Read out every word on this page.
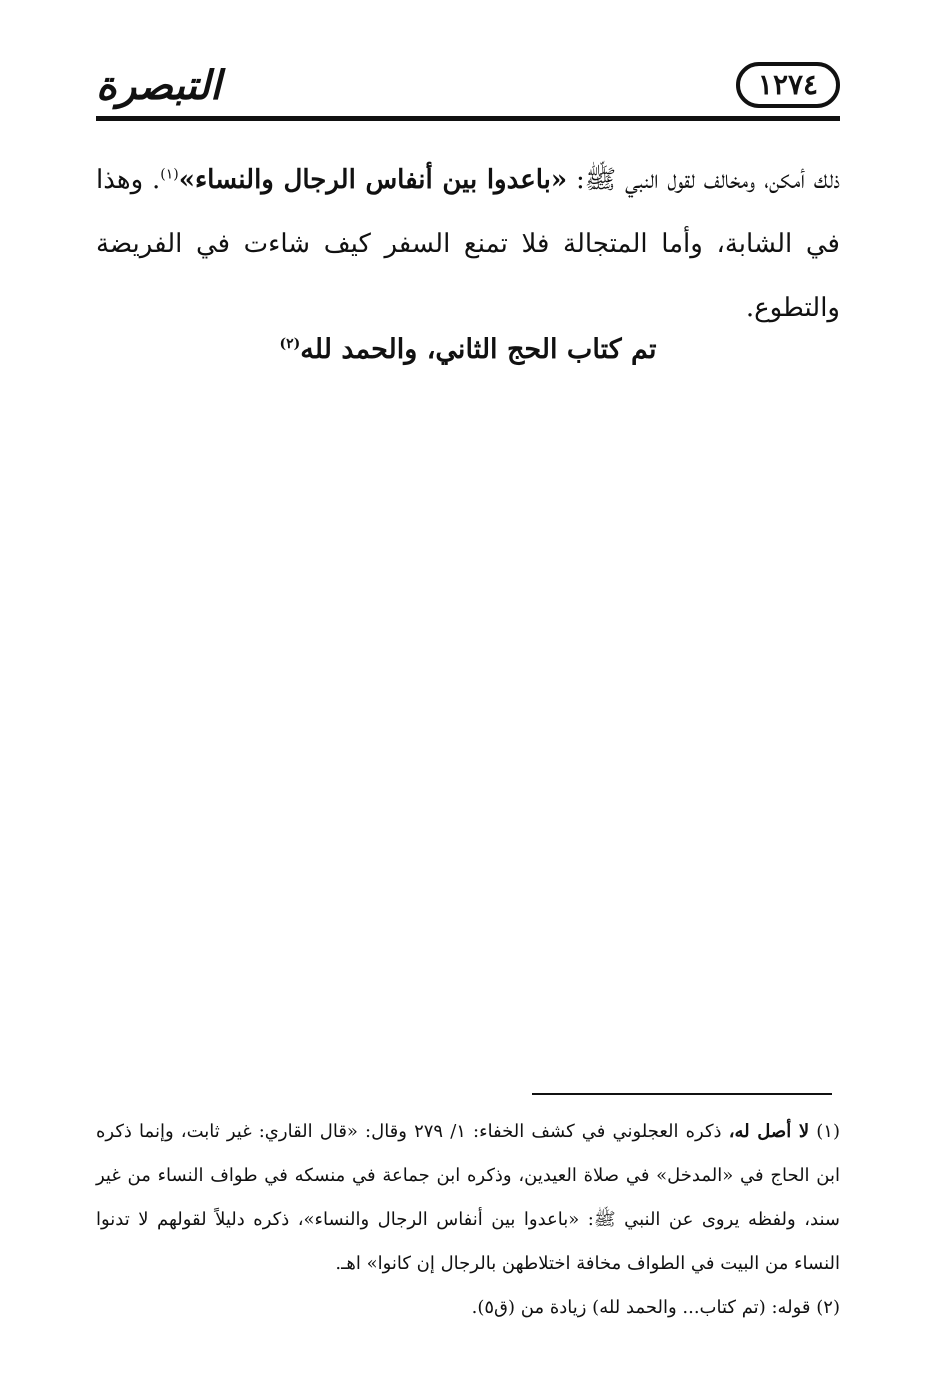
التبصرة	١٢٧٤

ذلك أمكن، ومخالف لقول النبي ﷺ: «باعدوا بين أنفاس الرجال والنساء»$^{(١)}$. وهذا في الشابة، وأما المتجالة فلا تمنع السفر كيف شاءت في الفريضة والتطوع.

تم كتاب الحج الثاني، والحمد لله$^{(٢)}$

(١) لا أصل له، ذكره العجلوني في كشف الخفاء: ١/ ٢٧٩ وقال: «قال القاري: غير ثابت، وإنما ذكره ابن الحاج في «المدخل» في صلاة العيدين، وذكره ابن جماعة في منسكه في طواف النساء من غير سند، ولفظه يروى عن النبي ﷺ: «باعدوا بين أنفاس الرجال والنساء»، ذكره دليلاً لقولهم لا تدنوا النساء من البيت في الطواف مخافة اختلاطهن بالرجال إن كانوا» اهـ.

(٢) قوله: (تم كتاب... والحمد لله) زيادة من (ق٥).
